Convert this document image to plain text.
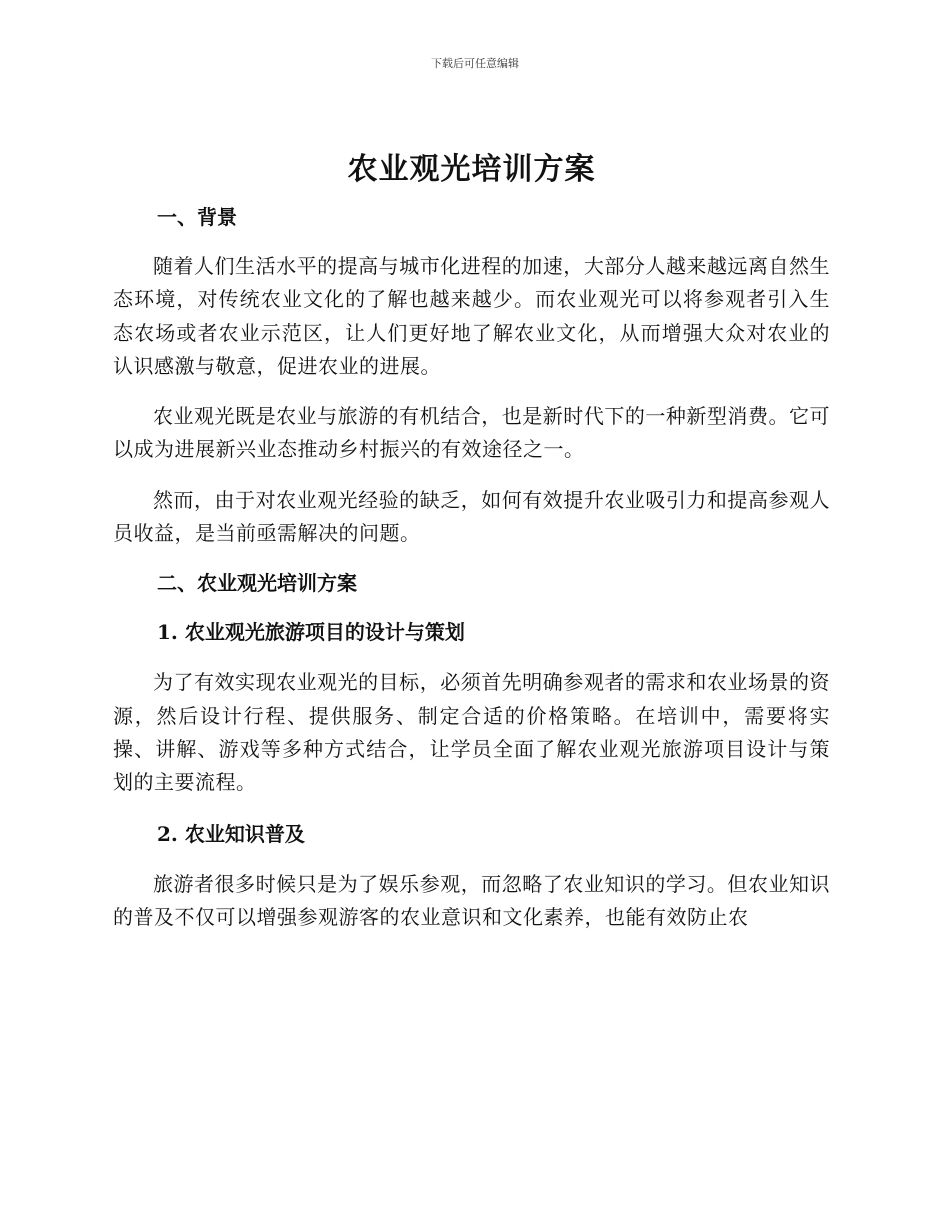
下载后可任意编辑
农业观光培训方案
一、背景

随着人们生活水平的提高与城市化进程的加速，大部分人越来越远离自然生态环境，对传统农业文化的了解也越来越少。而农业观光可以将参观者引入生态农场或者农业示范区，让人们更好地了解农业文化，从而增强大众对农业的认识感激与敬意，促进农业的进展。

农业观光既是农业与旅游的有机结合，也是新时代下的一种新型消费。它可以成为进展新兴业态推动乡村振兴的有效途径之一。

然而，由于对农业观光经验的缺乏，如何有效提升农业吸引力和提高参观人员收益，是当前亟需解决的问题。

二、农业观光培训方案
1. 农业观光旅游项目的设计与策划

为了有效实现农业观光的目标，必须首先明确参观者的需求和农业场景的资源，然后设计行程、提供服务、制定合适的价格策略。在培训中，需要将实操、讲解、游戏等多种方式结合，让学员全面了解农业观光旅游项目设计与策划的主要流程。

2. 农业知识普及

旅游者很多时候只是为了娱乐参观，而忽略了农业知识的学习。但农业知识的普及不仅可以增强参观游客的农业意识和文化素养，也能有效防止农
